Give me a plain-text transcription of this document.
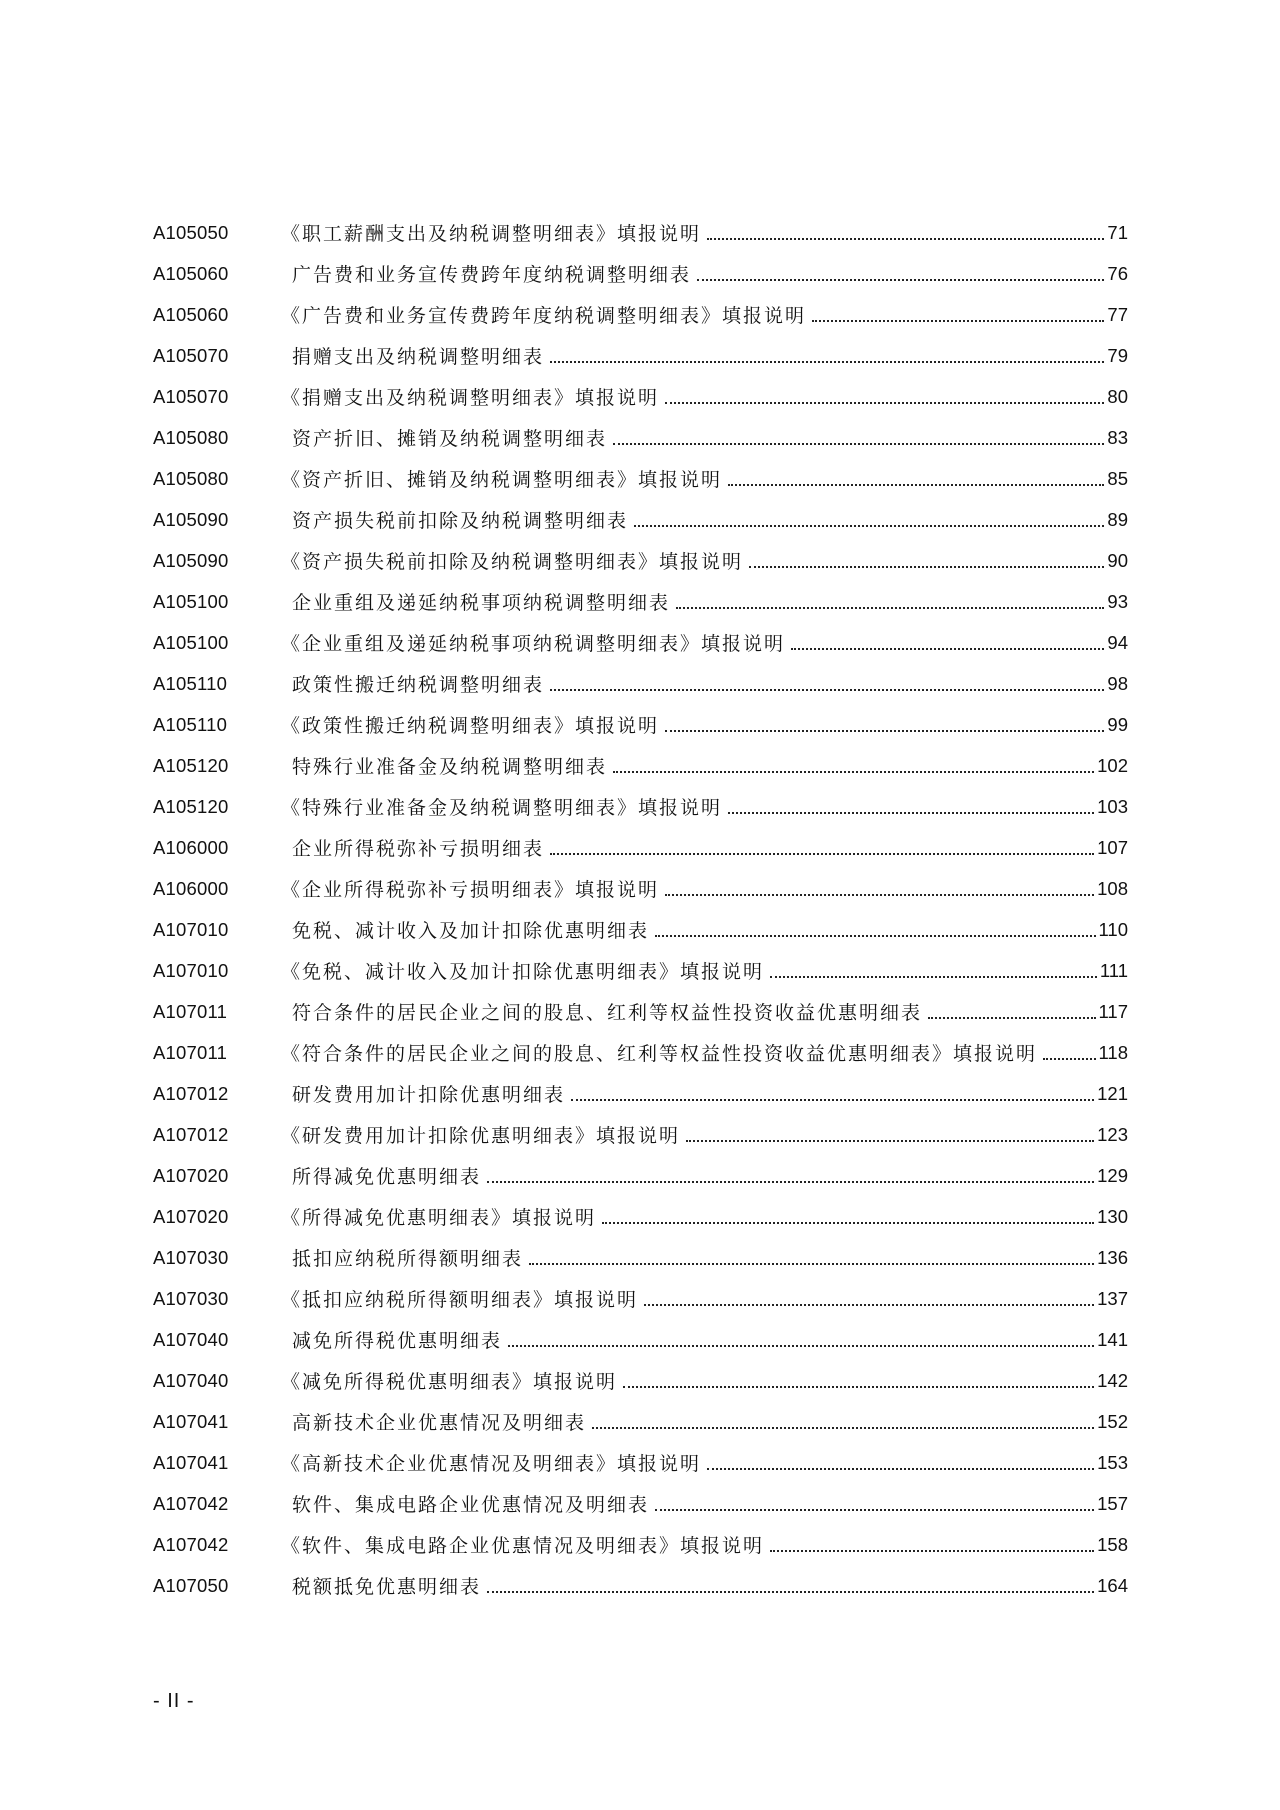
A105050	《职工薪酬支出及纳税调整明细表》填报说明	71
A105060	广告费和业务宣传费跨年度纳税调整明细表	76
A105060	《广告费和业务宣传费跨年度纳税调整明细表》填报说明	77
A105070	捐赠支出及纳税调整明细表	79
A105070	《捐赠支出及纳税调整明细表》填报说明	80
A105080	资产折旧、摊销及纳税调整明细表	83
A105080	《资产折旧、摊销及纳税调整明细表》填报说明	85
A105090	资产损失税前扣除及纳税调整明细表	89
A105090	《资产损失税前扣除及纳税调整明细表》填报说明	90
A105100	企业重组及递延纳税事项纳税调整明细表	93
A105100	《企业重组及递延纳税事项纳税调整明细表》填报说明	94
A105110	政策性搬迁纳税调整明细表	98
A105110	《政策性搬迁纳税调整明细表》填报说明	99
A105120	特殊行业准备金及纳税调整明细表	102
A105120	《特殊行业准备金及纳税调整明细表》填报说明	103
A106000	企业所得税弥补亏损明细表	107
A106000	《企业所得税弥补亏损明细表》填报说明	108
A107010	免税、减计收入及加计扣除优惠明细表	110
A107010	《免税、减计收入及加计扣除优惠明细表》填报说明	111
A107011	符合条件的居民企业之间的股息、红利等权益性投资收益优惠明细表	117
A107011	《符合条件的居民企业之间的股息、红利等权益性投资收益优惠明细表》填报说明	118
A107012	研发费用加计扣除优惠明细表	121
A107012	《研发费用加计扣除优惠明细表》填报说明	123
A107020	所得减免优惠明细表	129
A107020	《所得减免优惠明细表》填报说明	130
A107030	抵扣应纳税所得额明细表	136
A107030	《抵扣应纳税所得额明细表》填报说明	137
A107040	减免所得税优惠明细表	141
A107040	《减免所得税优惠明细表》填报说明	142
A107041	高新技术企业优惠情况及明细表	152
A107041	《高新技术企业优惠情况及明细表》填报说明	153
A107042	软件、集成电路企业优惠情况及明细表	157
A107042	《软件、集成电路企业优惠情况及明细表》填报说明	158
A107050	税额抵免优惠明细表	164
- II -
